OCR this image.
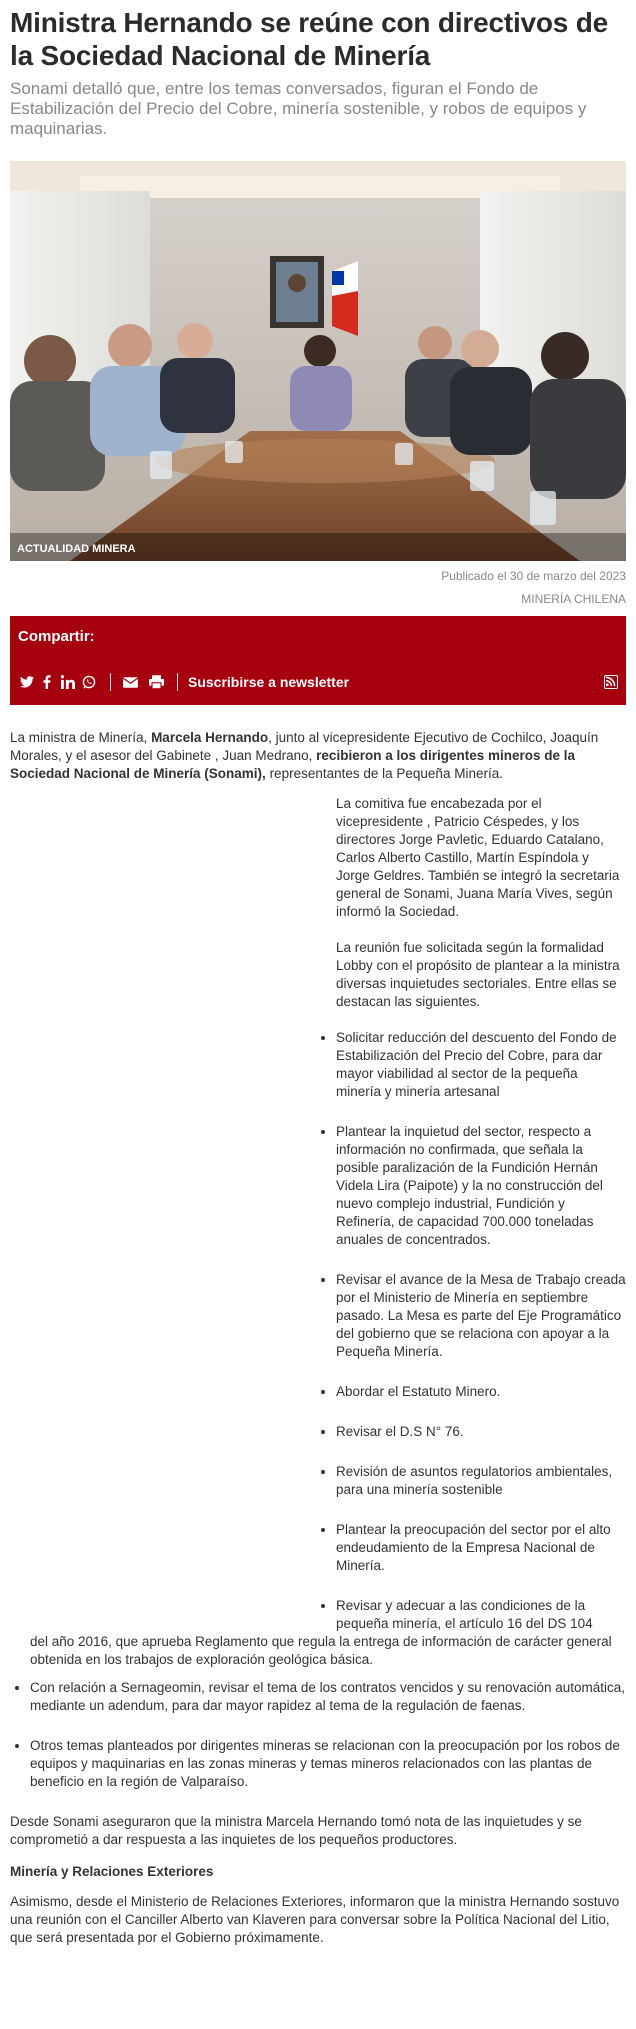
Ministra Hernando se reúne con directivos de la Sociedad Nacional de Minería

Sonami detalló que, entre los temas conversados, figuran el Fondo de Estabilización del Precio del Cobre, minería sostenible, y robos de equipos y maquinarias.

ACTUALIDAD MINERA
Publicado el 30 de marzo del 2023
MINERÍA CHILENA
Compartir:
Suscribirse a newsletter

La ministra de Minería, Marcela Hernando, junto al vicepresidente Ejecutivo de Cochilco, Joaquín Morales, y el asesor del Gabinete , Juan Medrano, recibieron a los dirigentes mineros de la Sociedad Nacional de Minería (Sonami), representantes de la Pequeña Minería.

La comitiva fue encabezada por el vicepresidente , Patricio Céspedes, y los directores Jorge Pavletic, Eduardo Catalano, Carlos Alberto Castillo, Martín Espíndola y Jorge Geldres. También se integró la secretaria general de Sonami, Juana María Vives, según informó la Sociedad.

La reunión fue solicitada según la formalidad Lobby con el propósito de plantear a la ministra diversas inquietudes sectoriales. Entre ellas se destacan las siguientes.

• Solicitar reducción del descuento del Fondo de Estabilización del Precio del Cobre, para dar mayor viabilidad al sector de la pequeña minería y minería artesanal
• Plantear la inquietud del sector, respecto a información no confirmada, que señala la posible paralización de la Fundición Hernán Videla Lira (Paipote) y la no construcción del nuevo complejo industrial, Fundición y Refinería, de capacidad 700.000 toneladas anuales de concentrados.
• Revisar el avance de la Mesa de Trabajo creada por el Ministerio de Minería en septiembre pasado. La Mesa es parte del Eje Programático del gobierno que se relaciona con apoyar a la Pequeña Minería.
• Abordar el Estatuto Minero.
• Revisar el D.S N° 76.
• Revisión de asuntos regulatorios ambientales, para una minería sostenible
• Plantear la preocupación del sector por el alto endeudamiento de la Empresa Nacional de Minería.
• Revisar y adecuar a las condiciones de la pequeña minería, el artículo 16 del DS 104

del año 2016, que aprueba Reglamento que regula la entrega de información de carácter general obtenida en los trabajos de exploración geológica básica.

• Con relación a Sernageomin, revisar el tema de los contratos vencidos y su renovación automática, mediante un adendum, para dar mayor rapidez al tema de la regulación de faenas.
• Otros temas planteados por dirigentes mineras se relacionan con la preocupación por los robos de equipos y maquinarias en las zonas mineras y temas mineros relacionados con las plantas de beneficio en la región de Valparaíso.

Desde Sonami aseguraron que la ministra Marcela Hernando tomó nota de las inquietudes y se comprometió a dar respuesta a las inquietes de los pequeños productores.

Minería y Relaciones Exteriores

Asimismo, desde el Ministerio de Relaciones Exteriores, informaron que la ministra Hernando sostuvo una reunión con el Canciller Alberto van Klaveren para conversar sobre la Política Nacional del Litio, que será presentada por el Gobierno próximamente.
